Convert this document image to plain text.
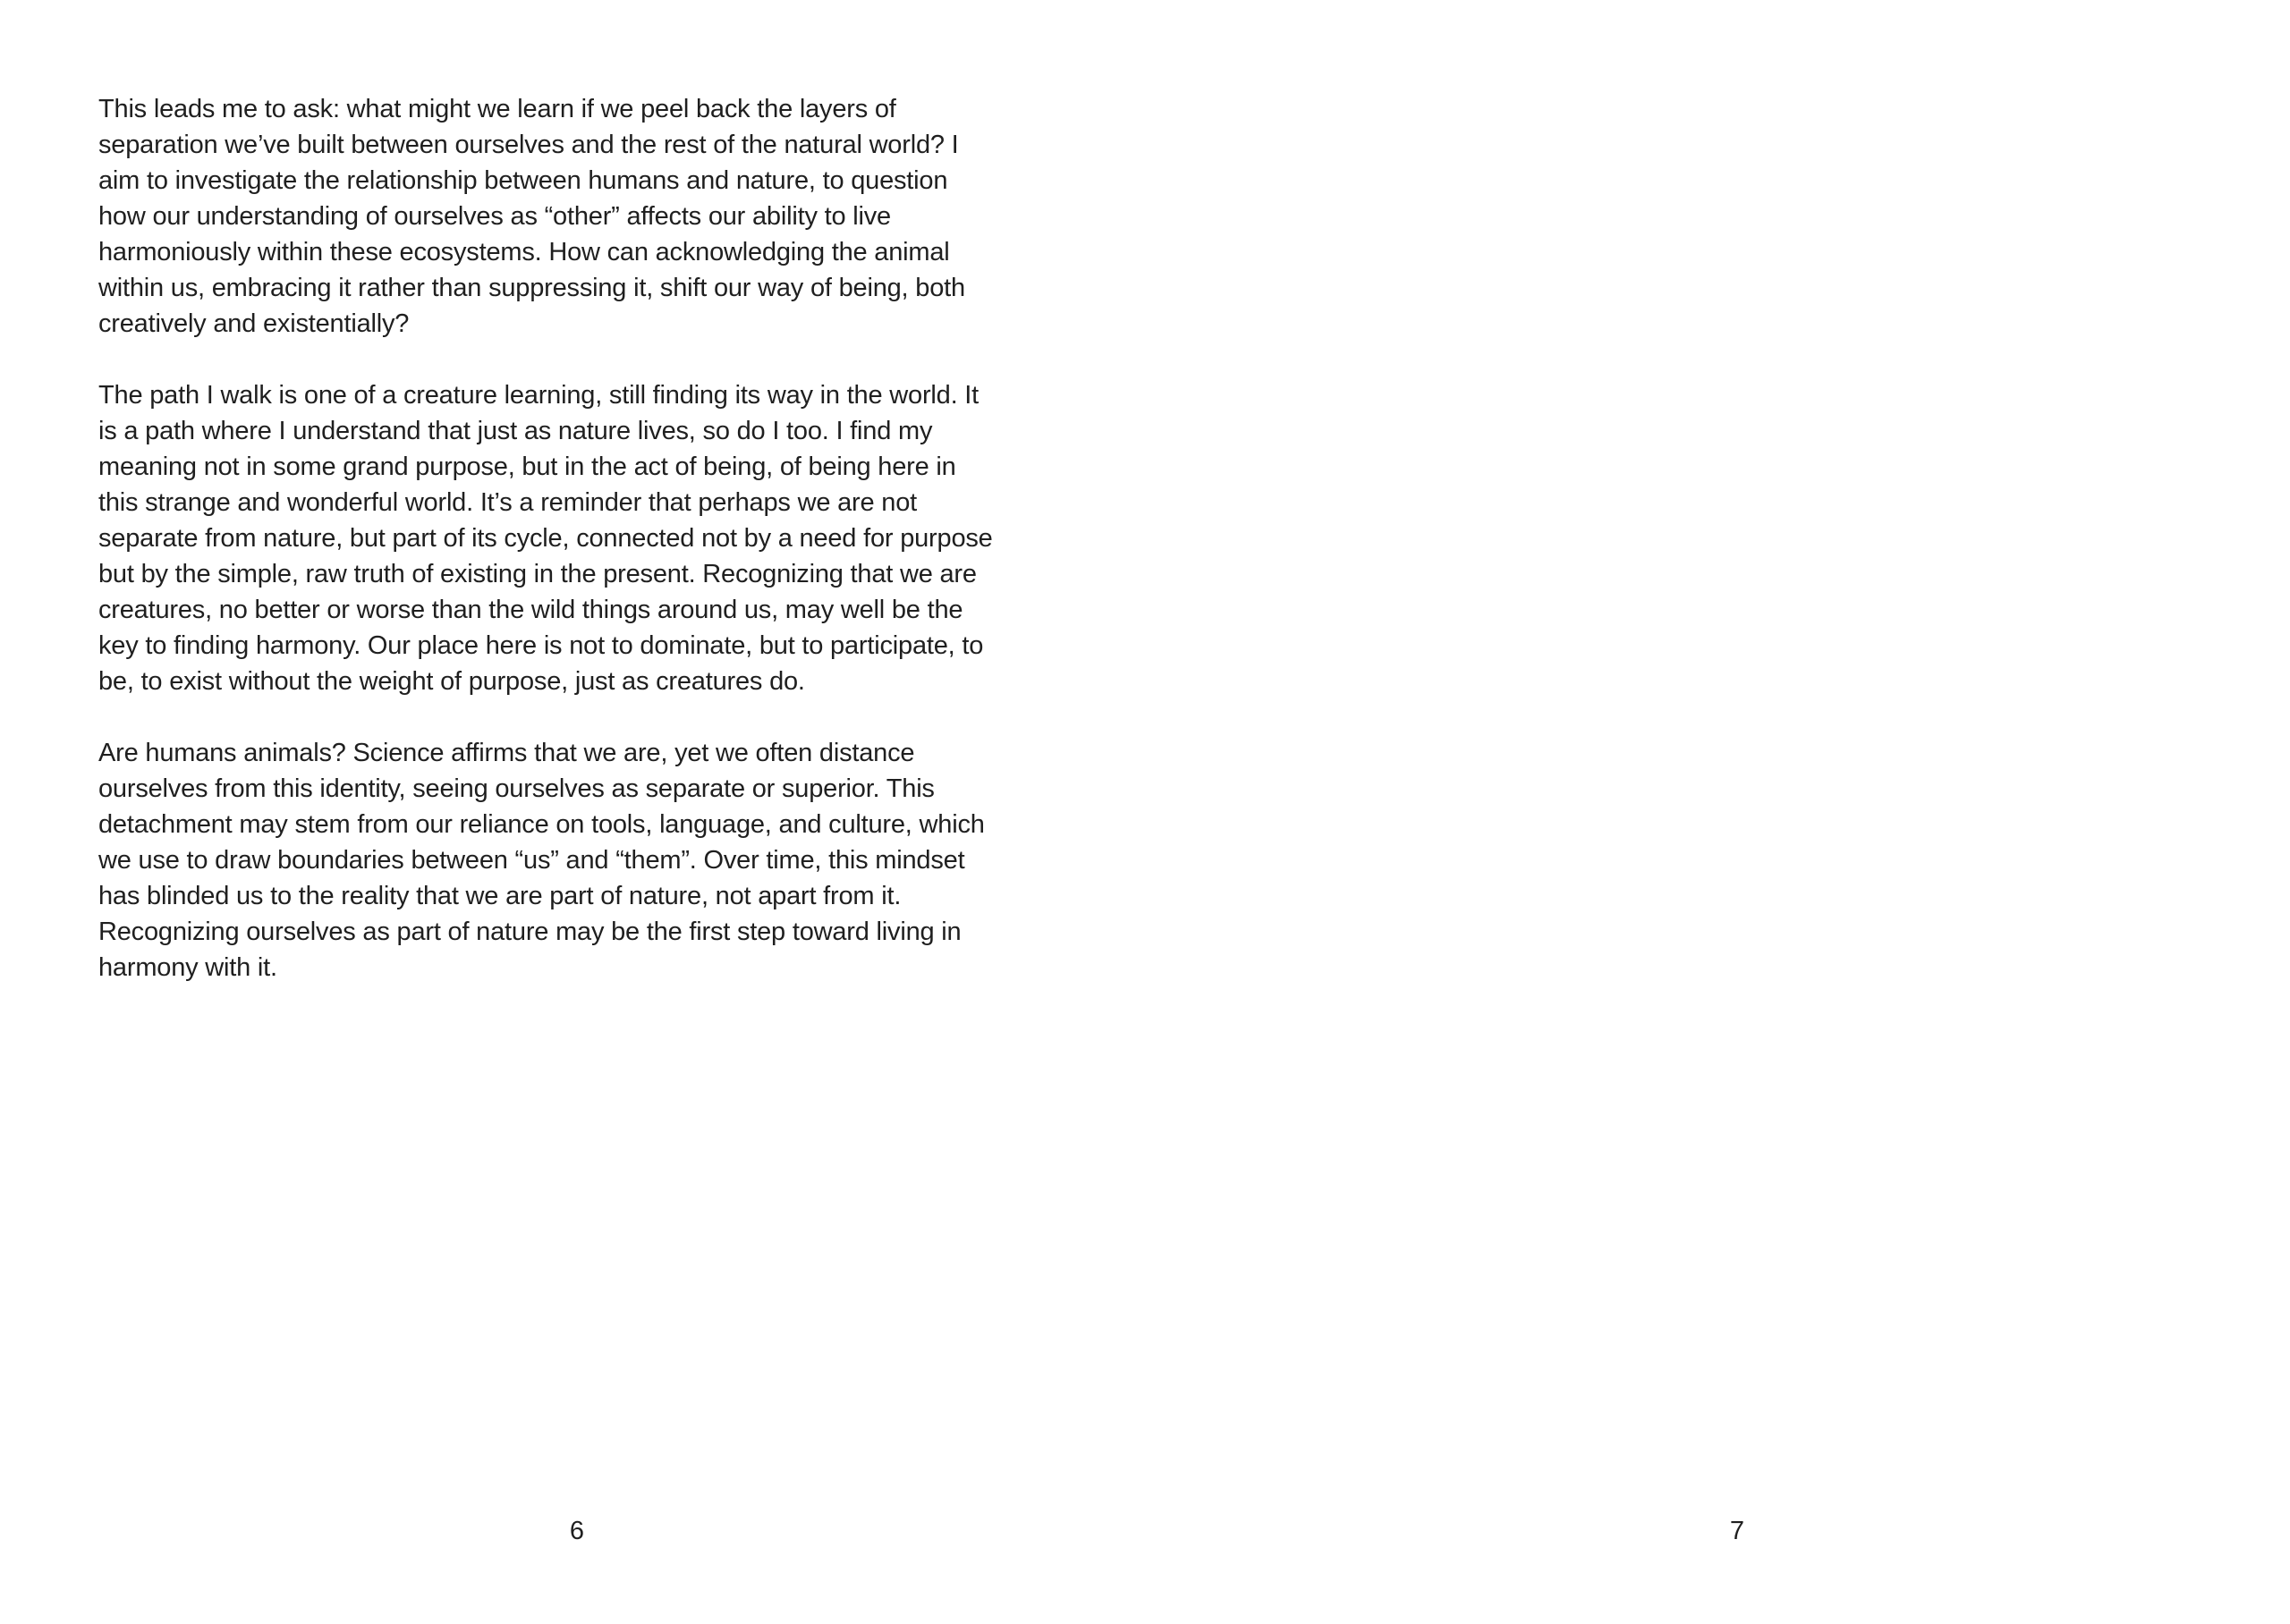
This leads me to ask: what might we learn if we peel back the layers of
separation we’ve built between ourselves and the rest of the natural world? I
aim to investigate the relationship between humans and nature, to question
how our understanding of ourselves as “other” affects our ability to live
harmoniously within these ecosystems. How can acknowledging the animal
within us, embracing it rather than suppressing it, shift our way of being, both
creatively and existentially?

The path I walk is one of a creature learning, still finding its way in the world. It
is a path where I understand that just as nature lives, so do I too. I find my
meaning not in some grand purpose, but in the act of being, of being here in
this strange and wonderful world. It’s a reminder that perhaps we are not
separate from nature, but part of its cycle, connected not by a need for purpose
but by the simple, raw truth of existing in the present. Recognizing that we are
creatures, no better or worse than the wild things around us, may well be the
key to finding harmony. Our place here is not to dominate, but to participate, to
be, to exist without the weight of purpose, just as creatures do.

Are humans animals? Science affirms that we are, yet we often distance
ourselves from this identity, seeing ourselves as separate or superior. This
detachment may stem from our reliance on tools, language, and culture, which
we use to draw boundaries between “us” and “them”. Over time, this mindset
has blinded us to the reality that we are part of nature, not apart from it.
Recognizing ourselves as part of nature may be the first step toward living in
harmony with it.

6	7
